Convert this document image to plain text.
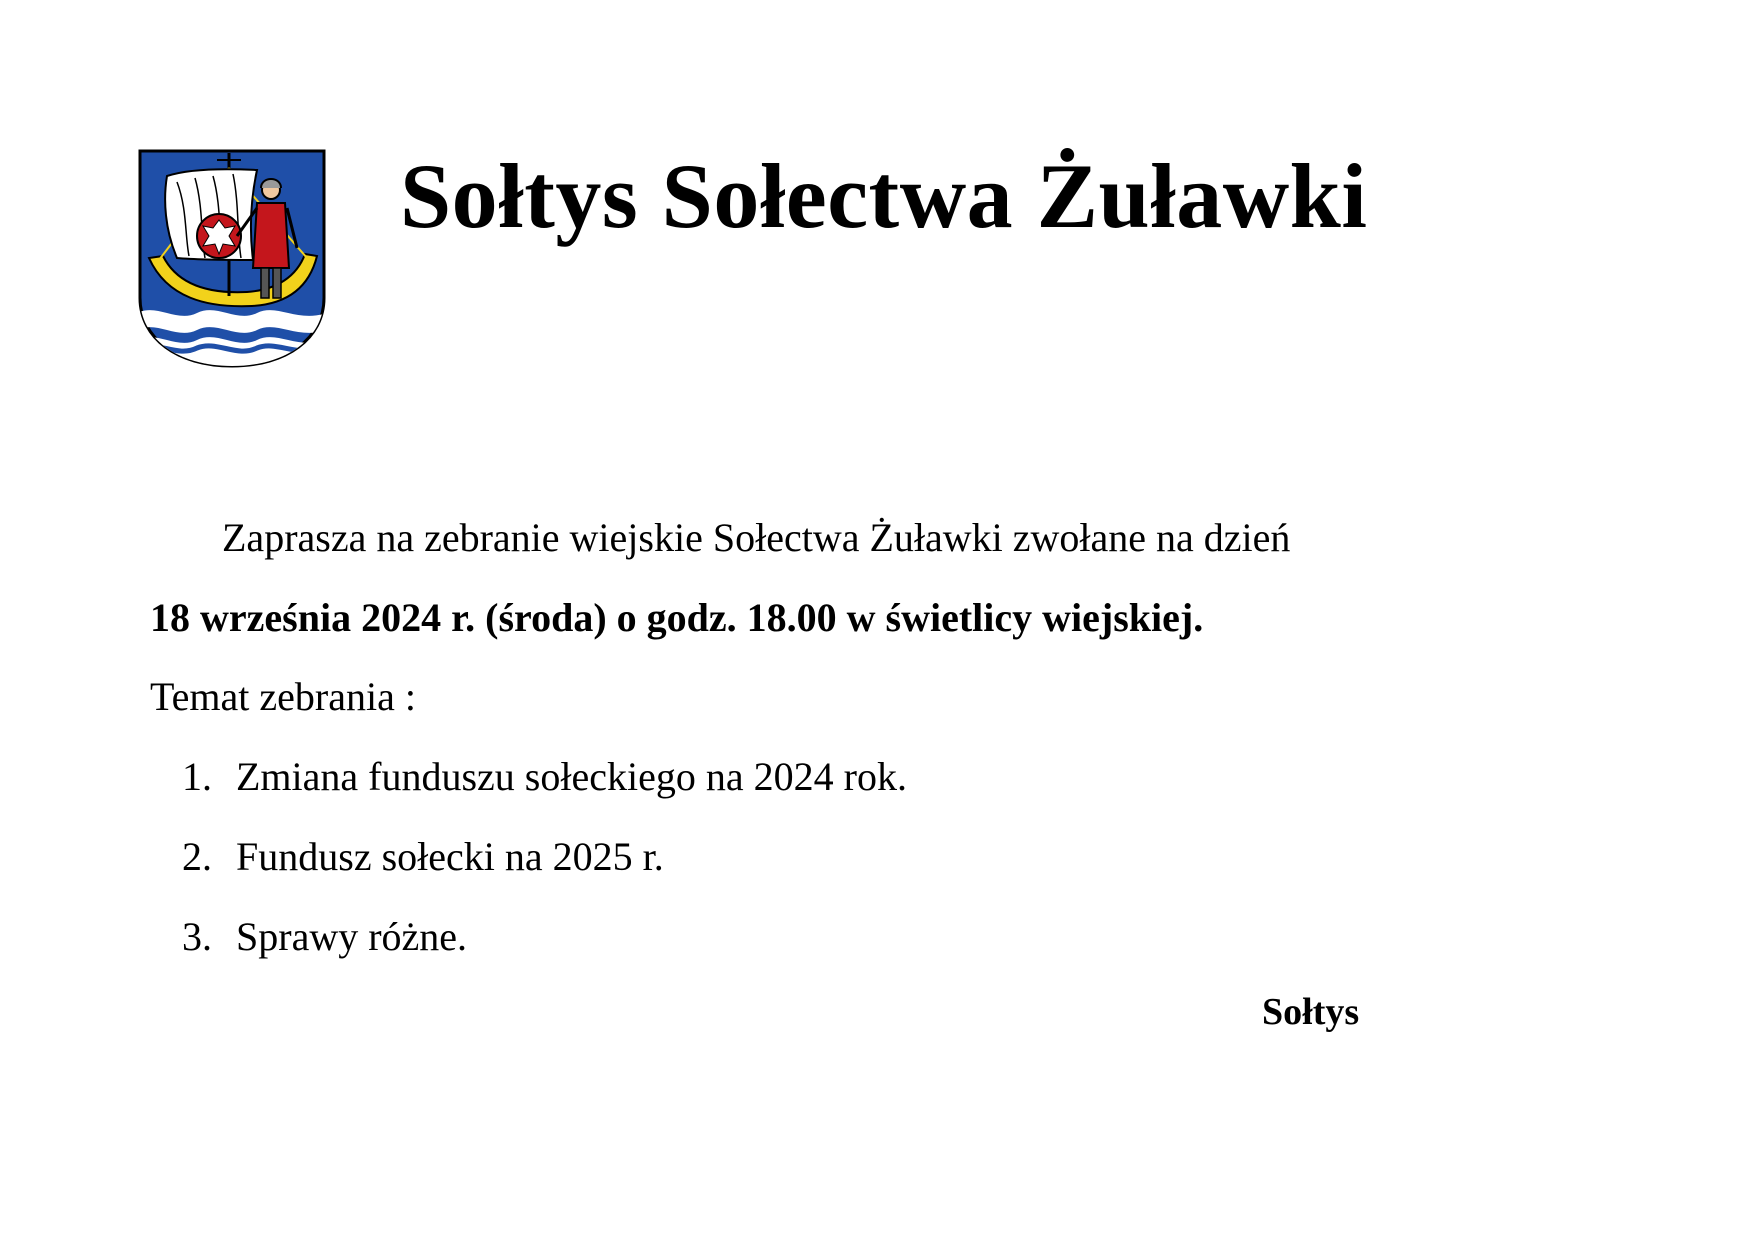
Sołtys Sołectwa Żuławki
Zaprasza na zebranie wiejskie Sołectwa Żuławki zwołane na dzień
18 września 2024 r. (środa) o godz. 18.00 w świetlicy wiejskiej.
Temat zebrania :
1. Zmiana funduszu sołeckiego na 2024 rok.
2. Fundusz sołecki na 2025 r.
3. Sprawy różne.
Sołtys
